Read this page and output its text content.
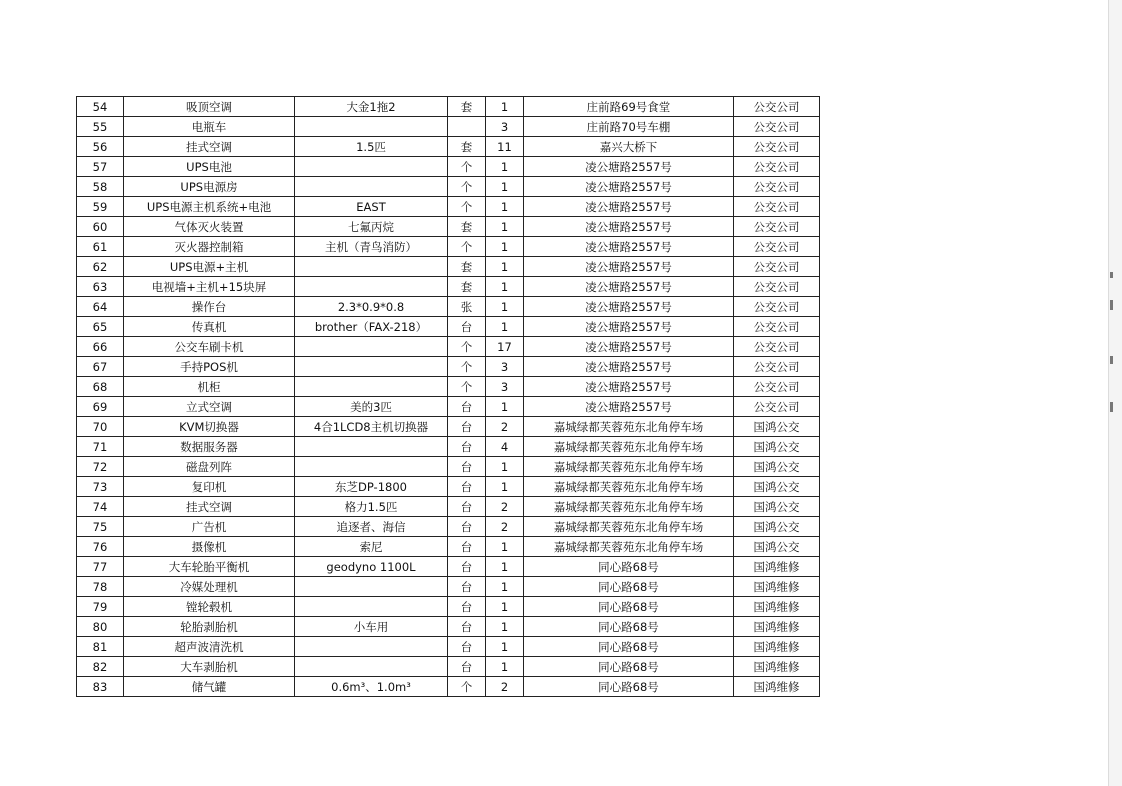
54	吸顶空调	大金1拖2	套	1	庄前路69号食堂	公交公司
55	电瓶车			3	庄前路70号车棚	公交公司
56	挂式空调	1.5匹	套	11	嘉兴大桥下	公交公司
57	UPS电池		个	1	凌公塘路2557号	公交公司
58	UPS电源房		个	1	凌公塘路2557号	公交公司
59	UPS电源主机系统+电池	EAST	个	1	凌公塘路2557号	公交公司
60	气体灭火装置	七氟丙烷	套	1	凌公塘路2557号	公交公司
61	灭火器控制箱	主机（青鸟消防）	个	1	凌公塘路2557号	公交公司
62	UPS电源+主机		套	1	凌公塘路2557号	公交公司
63	电视墙+主机+15块屏		套	1	凌公塘路2557号	公交公司
64	操作台	2.3*0.9*0.8	张	1	凌公塘路2557号	公交公司
65	传真机	brother（FAX-218）	台	1	凌公塘路2557号	公交公司
66	公交车刷卡机		个	17	凌公塘路2557号	公交公司
67	手持POS机		个	3	凌公塘路2557号	公交公司
68	机柜		个	3	凌公塘路2557号	公交公司
69	立式空调	美的3匹	台	1	凌公塘路2557号	公交公司
70	KVM切换器	4合1LCD8主机切换器	台	2	嘉城绿都芙蓉苑东北角停车场	国鸿公交
71	数据服务器		台	4	嘉城绿都芙蓉苑东北角停车场	国鸿公交
72	磁盘列阵		台	1	嘉城绿都芙蓉苑东北角停车场	国鸿公交
73	复印机	东芝DP-1800	台	1	嘉城绿都芙蓉苑东北角停车场	国鸿公交
74	挂式空调	格力1.5匹	台	2	嘉城绿都芙蓉苑东北角停车场	国鸿公交
75	广告机	追逐者、海信	台	2	嘉城绿都芙蓉苑东北角停车场	国鸿公交
76	摄像机	索尼	台	1	嘉城绿都芙蓉苑东北角停车场	国鸿公交
77	大车轮胎平衡机	geodyno 1100L	台	1	同心路68号	国鸿维修
78	冷媒处理机		台	1	同心路68号	国鸿维修
79	镗轮毂机		台	1	同心路68号	国鸿维修
80	轮胎剥胎机	小车用	台	1	同心路68号	国鸿维修
81	超声波清洗机		台	1	同心路68号	国鸿维修
82	大车剥胎机		台	1	同心路68号	国鸿维修
83	储气罐	0.6m³、1.0m³	个	2	同心路68号	国鸿维修
